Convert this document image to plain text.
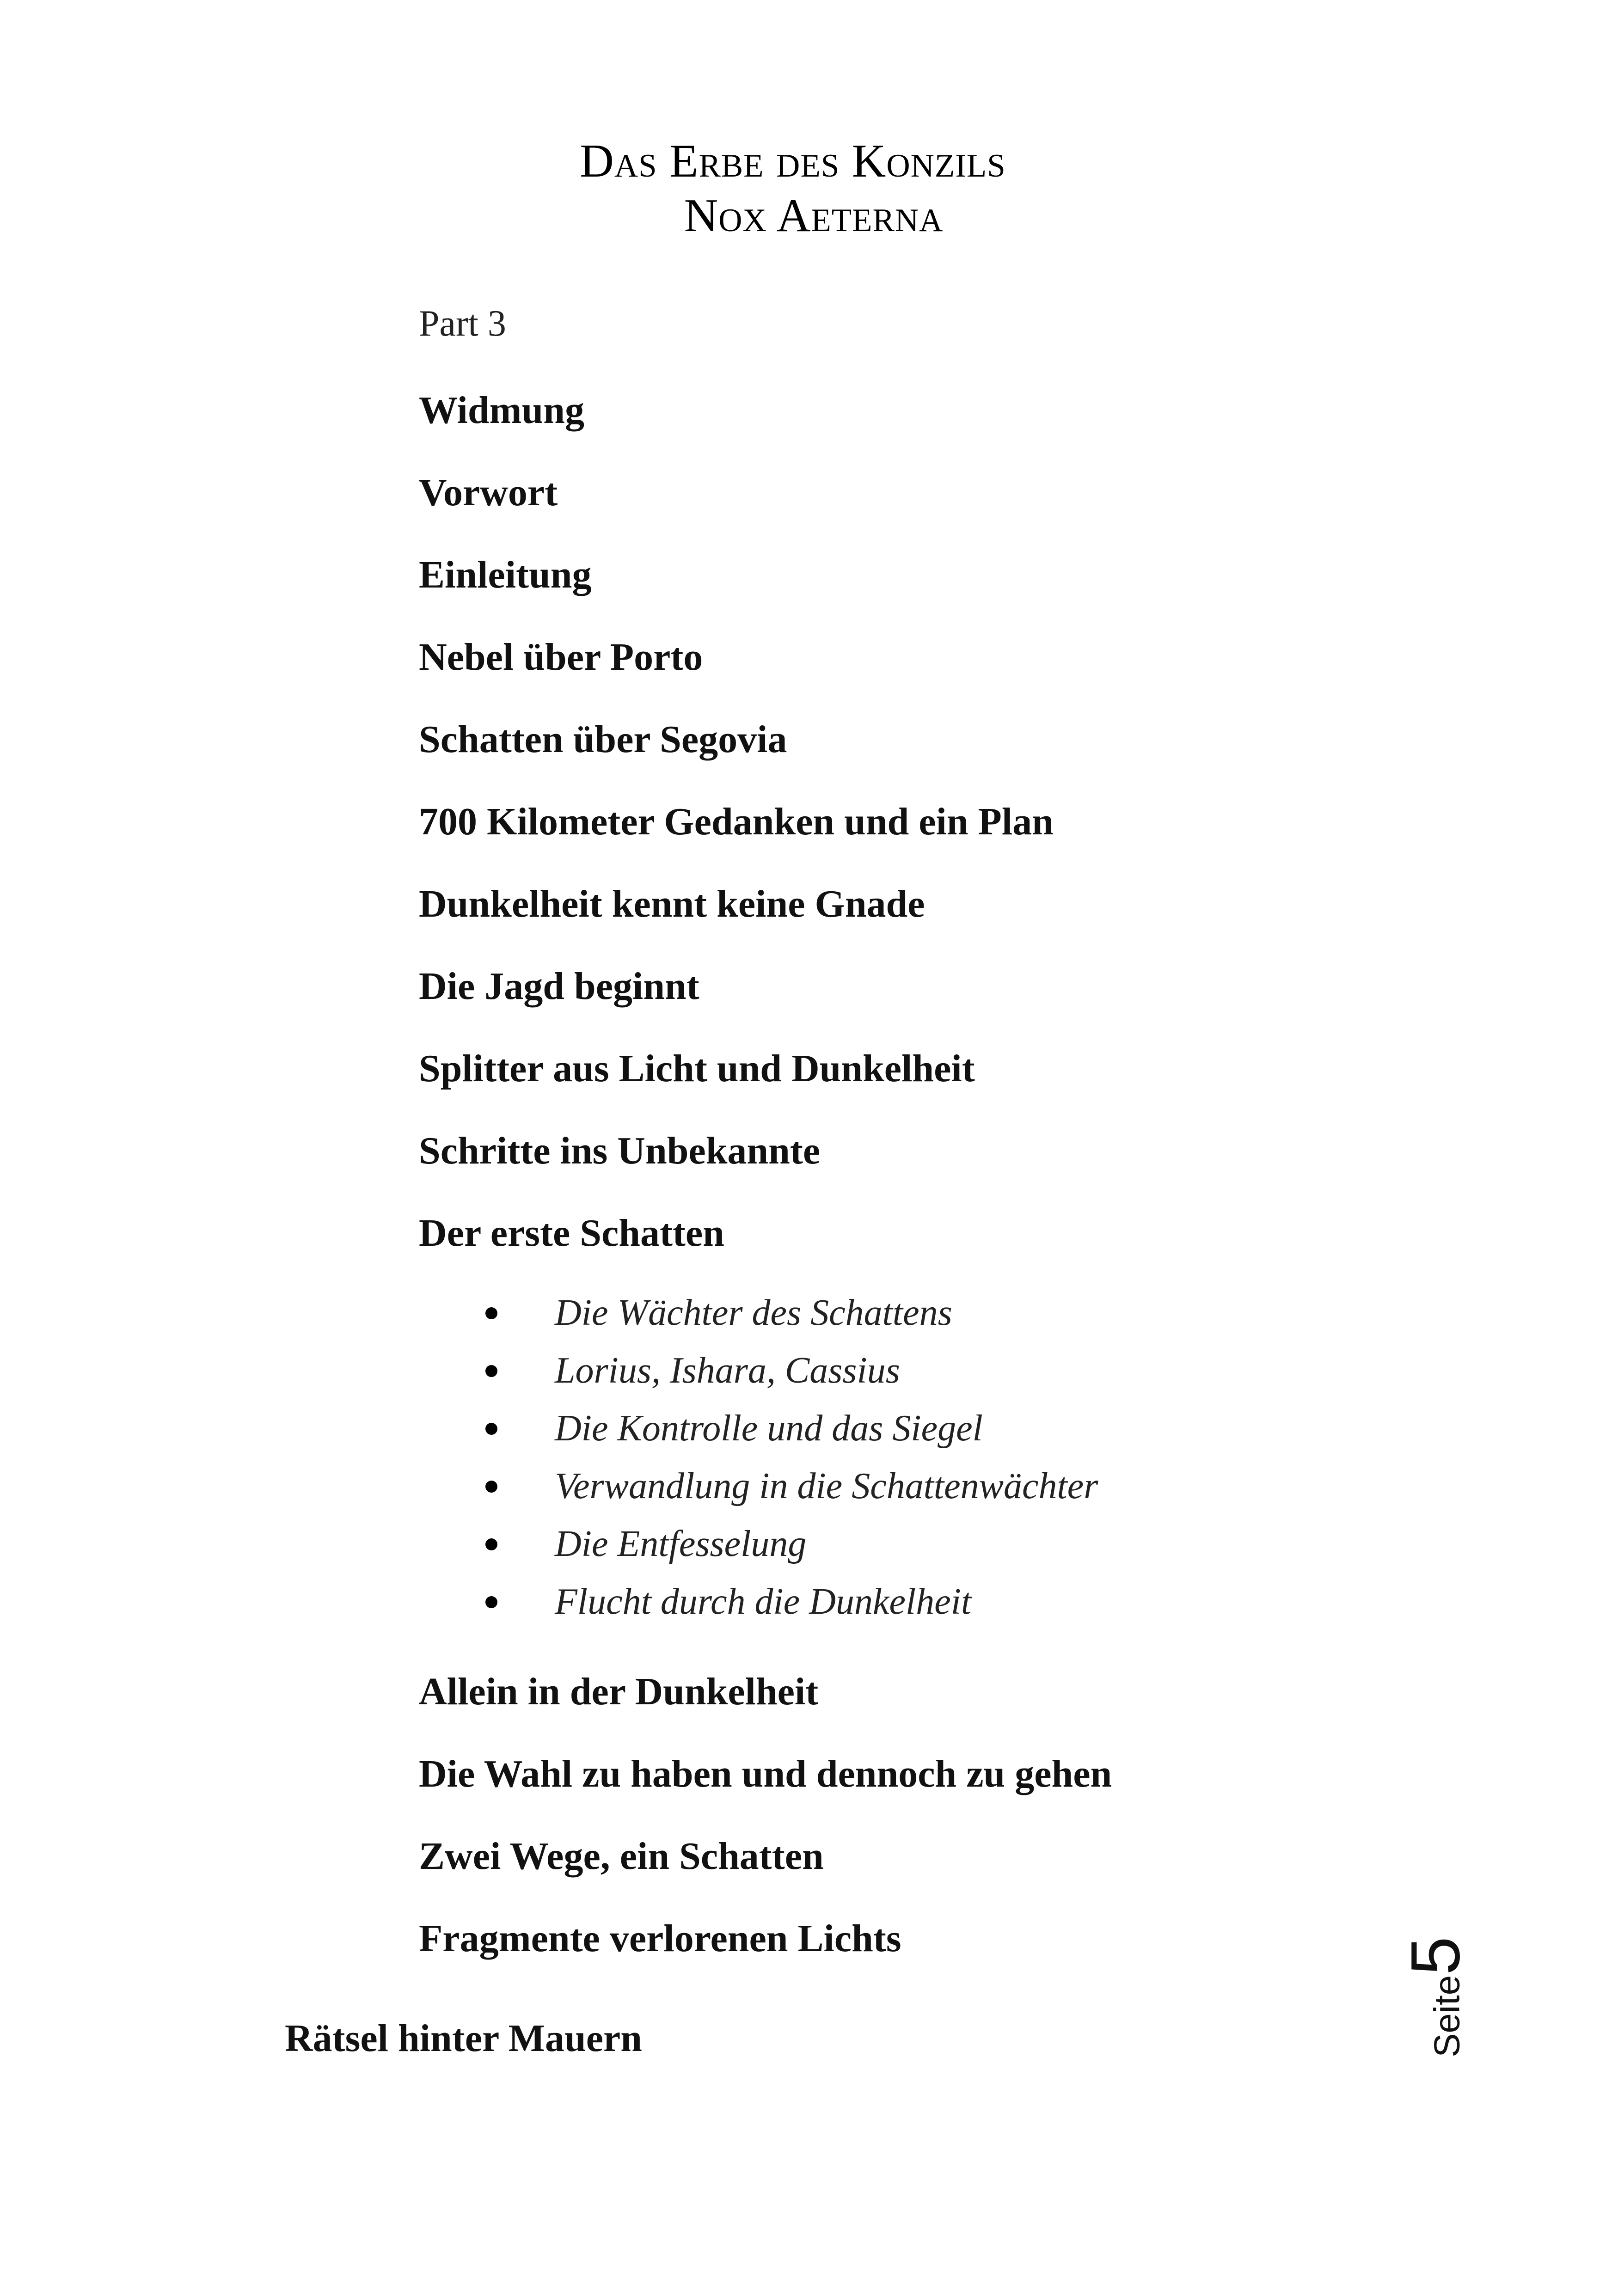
Das Erbe des Konzils
Nox Aeterna
Part 3
Widmung
Vorwort
Einleitung
Nebel über Porto
Schatten über Segovia
700 Kilometer Gedanken und ein Plan
Dunkelheit kennt keine Gnade
Die Jagd beginnt
Splitter aus Licht und Dunkelheit
Schritte ins Unbekannte
Der erste Schatten
Allein in der Dunkelheit
Die Wahl zu haben und dennoch zu gehen
Zwei Wege, ein Schatten
Fragmente verlorenen Lichts
Die Wächter des Schattens
Lorius, Ishara, Cassius
Die Kontrolle und das Siegel
Verwandlung in die Schattenwächter
Die Entfesselung
Flucht durch die Dunkelheit
Rätsel hinter Mauern	Seite5
